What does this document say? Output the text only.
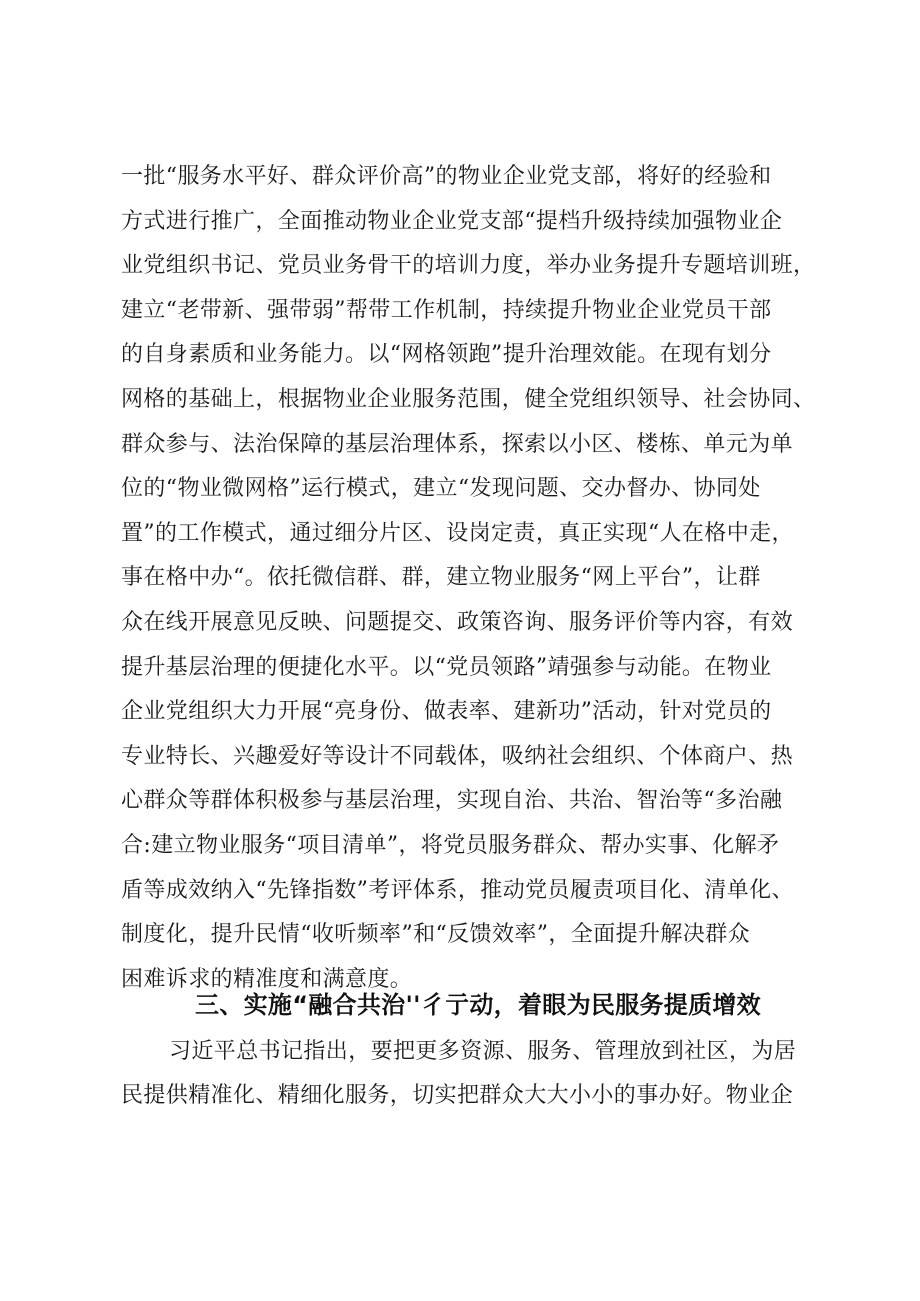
一批“服务水平好、群众评价高”的物业企业党支部，将好的经验和
方式进行推广，全面推动物业企业党支部“提档升级持续加强物业企
业党组织书记、党员业务骨干的培训力度，举办业务提升专题培训班，
建立“老带新、强带弱”帮带工作机制，持续提升物业企业党员干部
的自身素质和业务能力。以“网格领跑”提升治理效能。在现有划分
网格的基础上，根据物业企业服务范围，健全党组织领导、社会协同、
群众参与、法治保障的基层治理体系，探索以小区、楼栋、单元为单
位的“物业微网格”运行模式，建立“发现问题、交办督办、协同处
置”的工作模式，通过细分片区、设岗定责，真正实现“人在格中走，
事在格中办“。依托微信群、群，建立物业服务“网上平台”，让群
众在线开展意见反映、问题提交、政策咨询、服务评价等内容，有效
提升基层治理的便捷化水平。以“党员领路”靖强参与动能。在物业
企业党组织大力开展“亮身份、做表率、建新功”活动，针对党员的
专业特长、兴趣爱好等设计不同载体，吸纳社会组织、个体商户、热
心群众等群体积极参与基层治理，实现自治、共治、智治等“多治融
合:建立物业服务“项目清单”，将党员服务群众、帮办实事、化解矛
盾等成效纳入“先锋指数”考评体系，推动党员履责项目化、清单化、
制度化，提升民情“收听频率”和“反馈效率”，全面提升解决群众
困难诉求的精准度和满意度。
三、实施“融合共治''彳亍动，着眼为民服务提质增效
习近平总书记指出，要把更多资源、服务、管理放到社区，为居
民提供精准化、精细化服务，切实把群众大大小小的事办好。物业企
